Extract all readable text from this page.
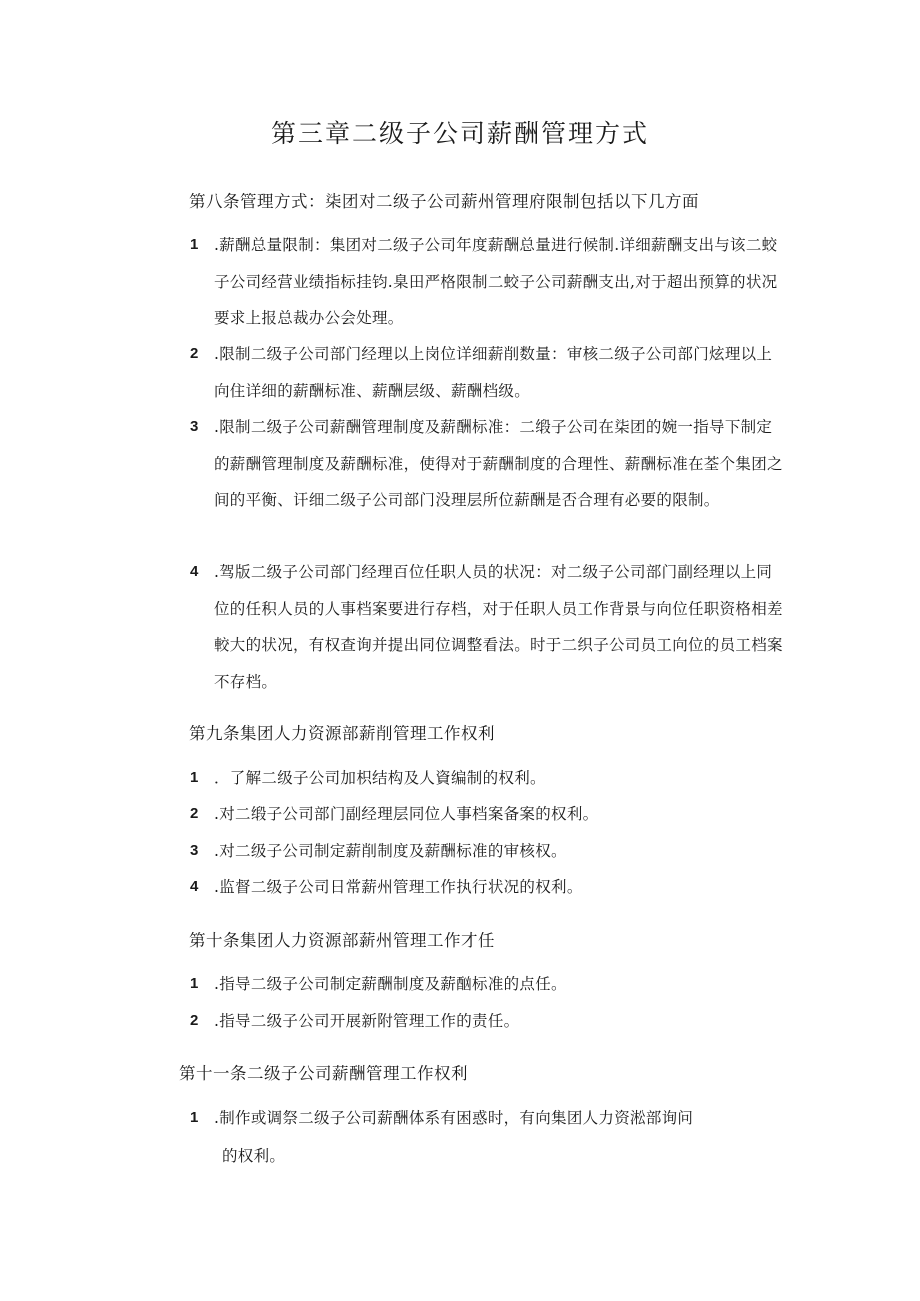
第三章二级子公司薪酬管理方式
第八条管理方式：柒团对二级子公司薪州管理府限制包括以下几方面
1 .薪酬总量限制：集团对二级子公司年度薪酬总量进行候制.详细薪酬支出与该二蛟子公司经营业绩指标挂钧.臬田严格限制二蛟子公司薪酬支出,对于超出预算的状况要求上报总裁办公会处理。
2 .限制二级子公司部门经理以上岗位详细薪削数量：审核二级子公司部门炫理以上向住详细的薪酬标准、薪酬层级、薪酬档级。
3 .限制二级子公司薪酬管理制度及薪酬标准：二缎子公司在柒团的婉一指导下制定的薪酬管理制度及薪酬标准，使得对于薪酬制度的合理性、薪酬标准在荃个集团之间的平衡、讦细二级子公司部门没理层所位薪酬是否合理有必要的限制。
4 .驾版二级子公司部门经理百位任职人员的状况：对二级子公司部门副经理以上同位的任积人员的人事档案要进行存档，对于任职人员工作背景与向位任职资格相差較大的状况，有权查询并提出同位调整看法。时于二织子公司员工向位的员工档案不存档。
第九条集团人力资源部薪削管理工作权利
1 ．了解二级子公司加枳结构及人資编制的权利。
2 .对二缎子公司部门副经理层同位人事档案备案的权利。
3 .对二级子公司制定薪削制度及薪酬标准的审核权。
4 .监督二级子公司日常薪州管理工作执行状况的权利。
第十条集团人力资源部薪州管理工作才任
1 .指导二级子公司制定薪酬制度及薪酗标准的点任。
2 .指导二级子公司开展新附管理工作的责任。
第十一条二级子公司薪酬管理工作权利
1 .制作或调祭二级子公司薪酬体系有困惑时，有向集团人力资淞部询问
的权利。
